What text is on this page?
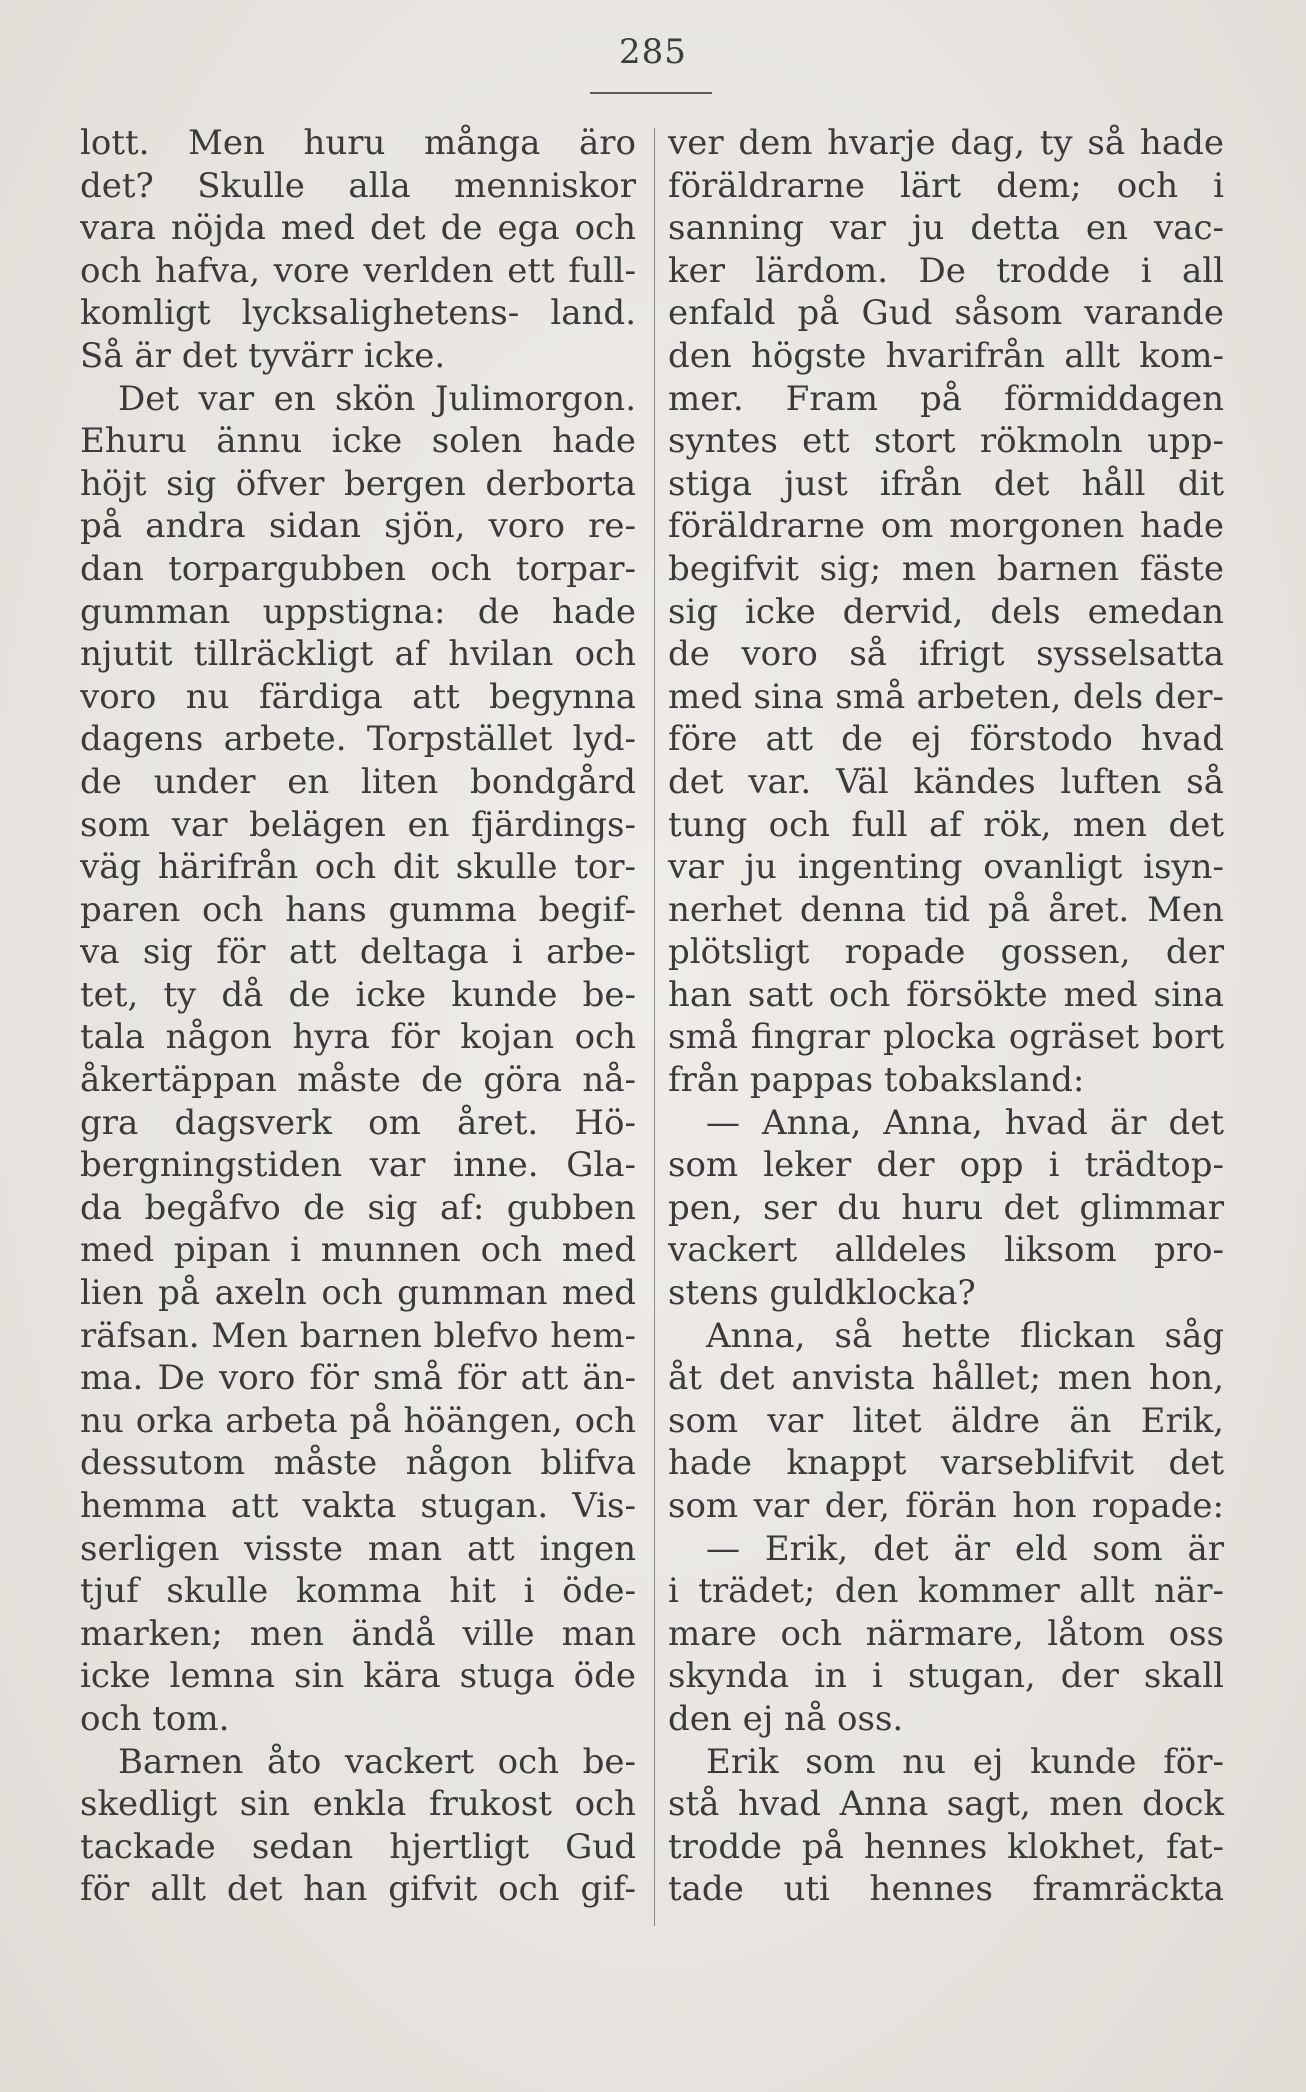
285
lott. Men huru många äro
det? Skulle alla menniskor
vara nöjda med det de ega och
och hafva, vore verlden ett full-
komligt lycksalighetens- land.
Så är det tyvärr icke.
Det var en skön Julimorgon.
Ehuru ännu icke solen hade
höjt sig öfver bergen derborta
på andra sidan sjön, voro re-
dan torpargubben och torpar-
gumman uppstigna: de hade
njutit tillräckligt af hvilan och
voro nu färdiga att begynna
dagens arbete. Torpstället lyd-
de under en liten bondgård
som var belägen en fjärdings-
väg härifrån och dit skulle tor-
paren och hans gumma begif-
va sig för att deltaga i arbe-
tet, ty då de icke kunde be-
tala någon hyra för kojan och
åkertäppan måste de göra nå-
gra dagsverk om året. Hö-
bergningstiden var inne. Gla-
da begåfvo de sig af: gubben
med pipan i munnen och med
lien på axeln och gumman med
räfsan. Men barnen blefvo hem-
ma. De voro för små för att än-
nu orka arbeta på höängen, och
dessutom måste någon blifva
hemma att vakta stugan. Vis-
serligen visste man att ingen
tjuf skulle komma hit i öde-
marken; men ändå ville man
icke lemna sin kära stuga öde
och tom.
Barnen åto vackert och be-
skedligt sin enkla frukost och
tackade sedan hjertligt Gud
för allt det han gifvit och gif-
ver dem hvarje dag, ty så hade
föräldrarne lärt dem; och i
sanning var ju detta en vac-
ker lärdom. De trodde i all
enfald på Gud såsom varande
den högste hvarifrån allt kom-
mer. Fram på förmiddagen
syntes ett stort rökmoln upp-
stiga just ifrån det håll dit
föräldrarne om morgonen hade
begifvit sig; men barnen fäste
sig icke dervid, dels emedan
de voro så ifrigt sysselsatta
med sina små arbeten, dels der-
före att de ej förstodo hvad
det var. Väl kändes luften så
tung och full af rök, men det
var ju ingenting ovanligt isyn-
nerhet denna tid på året. Men
plötsligt ropade gossen, der
han satt och försökte med sina
små fingrar plocka ogräset bort
från pappas tobaksland:
— Anna, Anna, hvad är det
som leker der opp i trädtop-
pen, ser du huru det glimmar
vackert alldeles liksom pro-
stens guldklocka?
Anna, så hette flickan såg
åt det anvista hållet; men hon,
som var litet äldre än Erik,
hade knappt varseblifvit det
som var der, förän hon ropade:
— Erik, det är eld som är
i trädet; den kommer allt när-
mare och närmare, låtom oss
skynda in i stugan, der skall
den ej nå oss.
Erik som nu ej kunde för-
stå hvad Anna sagt, men dock
trodde på hennes klokhet, fat-
tade uti hennes framräckta
